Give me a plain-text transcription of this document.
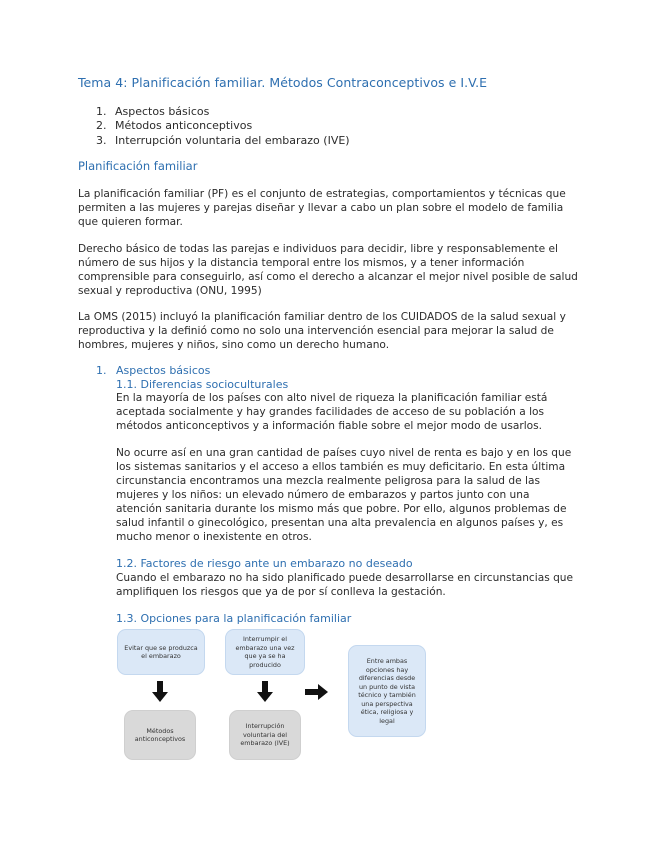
Tema 4: Planificación familiar. Métodos Contraconceptivos e I.V.E
1. Aspectos básicos
2. Métodos anticonceptivos
3. Interrupción voluntaria del embarazo (IVE)
Planificación familiar

La planificación familiar (PF) es el conjunto de estrategias, comportamientos y técnicas que permiten a las mujeres y parejas diseñar y llevar a cabo un plan sobre el modelo de familia que quieren formar.

Derecho básico de todas las parejas e individuos para decidir, libre y responsablemente el número de sus hijos y la distancia temporal entre los mismos, y a tener información comprensible para conseguirlo, así como el derecho a alcanzar el mejor nivel posible de salud sexual y reproductiva (ONU, 1995)

La OMS (2015) incluyó la planificación familiar dentro de los CUIDADOS de la salud sexual y reproductiva y la definió como no solo una intervención esencial para mejorar la salud de hombres, mujeres y niños, sino como un derecho humano.

1. Aspectos básicos
1.1. Diferencias socioculturales

En la mayoría de los países con alto nivel de riqueza la planificación familiar está aceptada socialmente y hay grandes facilidades de acceso de su población a los métodos anticonceptivos y a información fiable sobre el mejor modo de usarlos.

No ocurre así en una gran cantidad de países cuyo nivel de renta es bajo y en los que los sistemas sanitarios y el acceso a ellos también es muy deficitario. En esta última circunstancia encontramos una mezcla realmente peligrosa para la salud de las mujeres y los niños: un elevado número de embarazos y partos junto con una atención sanitaria durante los mismo más que pobre. Por ello, algunos problemas de salud infantil o ginecológico, presentan una alta prevalencia en algunos países y, es mucho menor o inexistente en otros.

1.2. Factores de riesgo ante un embarazo no deseado

Cuando el embarazo no ha sido planificado puede desarrollarse en circunstancias que amplifiquen los riesgos que ya de por sí conlleva la gestación.

1.3. Opciones para la planificación familiar
Evitar que se produzca el embarazo
Interrumpir el embarazo una vez que ya se ha producido	Entre ambas opciones hay diferencias desde un punto de vista técnico y también una perspectiva ética, religiosa y legal
Métodos anticonceptivos
Interrupción voluntaria del embarazo (IVE)
